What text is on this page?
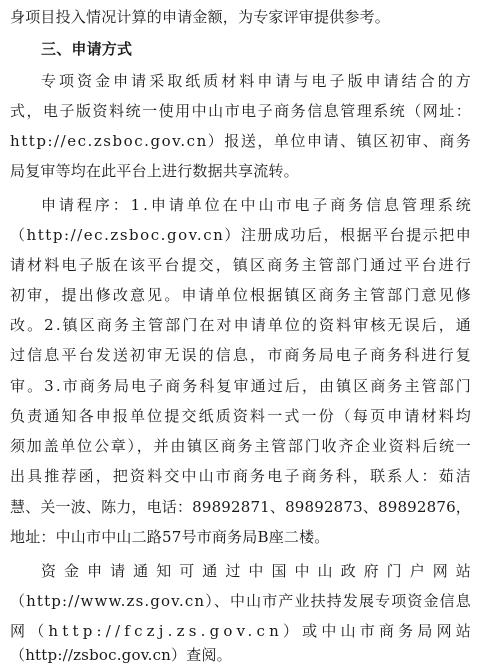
身项目投入情况计算的申请金额，为专家评审提供参考。
三、申请方式
专项资金申请采取纸质材料申请与电子版申请结合的方
式，电子版资料统一使用中山市电子商务信息管理系统（网址：
http://ec.zsboc.gov.cn）报送，单位申请、镇区初审、商务
局复审等均在此平台上进行数据共享流转。
申请程序：1.申请单位在中山市电子商务信息管理系统
（http://ec.zsboc.gov.cn）注册成功后，根据平台提示把申
请材料电子版在该平台提交，镇区商务主管部门通过平台进行
初审，提出修改意见。申请单位根据镇区商务主管部门意见修
改。2.镇区商务主管部门在对申请单位的资料审核无误后，通
过信息平台发送初审无误的信息，市商务局电子商务科进行复
审。3.市商务局电子商务科复审通过后，由镇区商务主管部门
负责通知各申报单位提交纸质资料一式一份（每页申请材料均
须加盖单位公章），并由镇区商务主管部门收齐企业资料后统一
出具推荐函，把资料交中山市商务电子商务科，联系人：茹洁
慧、关一波、陈力，电话：89892871、89892873、89892876，
地址：中山市中山二路57号市商务局B座二楼。
资金申请通知可通过中国中山政府门户网站
（http://www.zs.gov.cn）、中山市产业扶持发展专项资金信息
网（http://fczj.zs.gov.cn）或中山市商务局网站
（http://zsboc.gov.cn）查阅。
